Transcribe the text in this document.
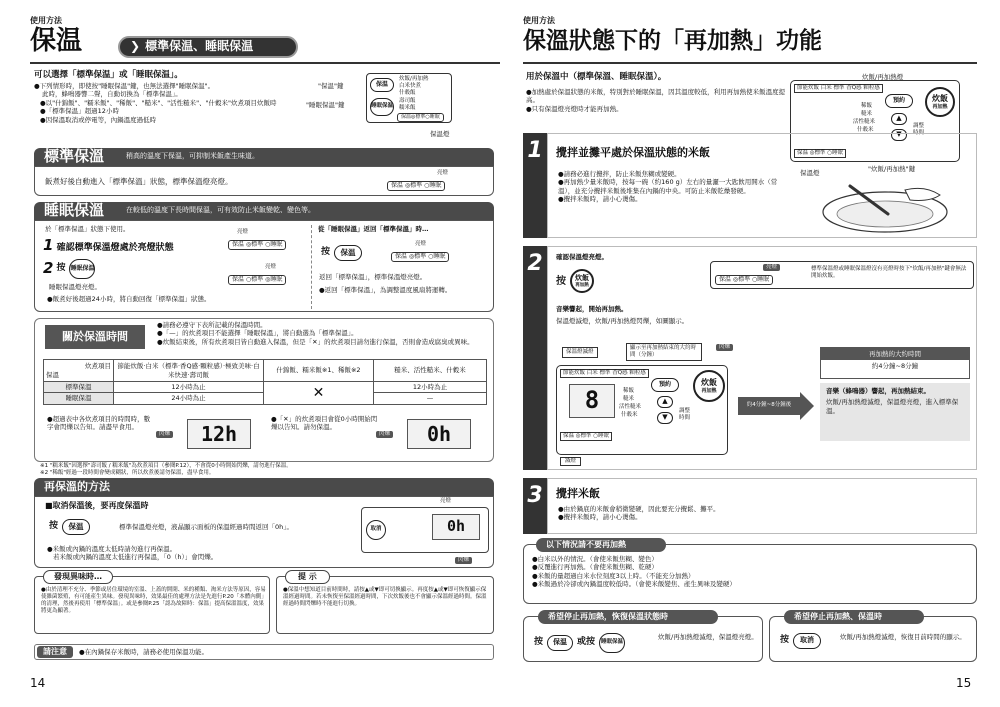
使用方法
保温	❯ 標準保温、睡眠保温
可以選擇「標準保温」或「睡眠保温」。
●下列情形時，即使按"睡眠保温"鍵，也無法選擇"睡眠保温"。
此時，蜂鳴器響二聲，自動切換為「標準保温」。
●以"什錦飯"、"糯米飯"、"稀飯"、"糙米"、"活性糙米"、"什穀米"炊煮項目炊飯時
●「標準保温」超過12小時
●因保溫取消或停電等，內鍋溫度過低時
"保温"鍵
"睡眠保温"鍵
保温
睡眠保温
炊飯/再加熱
白米快煮
什穀飯
壽司飯
糯米飯
保温◎標準○睡眠
保温燈
標準保溫	稍高的溫度下保溫，可抑制米飯產生味道。
飯煮好後自動進入「標準保溫」狀態，標準保溫燈亮燈。
亮燈
保温 ◎標準 ○睡眠
睡眠保溫	在較低的溫度下長時間保溫，可有效防止米飯變乾、變色等。
於「標準保溫」狀態下使用。
1 確認標準保溫燈處於亮燈狀態
亮燈
保温 ◎標準 ○睡眠
2 按 睡眠保温	亮燈
保温 ○標準 ◎睡眠
睡眠保溫燈亮燈。
●飯煮好後超過24小時，將自動回復「標準保溫」狀態。
從「睡眠保溫」返回「標準保溫」時…
按	保温
亮燈
保温 ◎標準 ○睡眠
返回「標準保溫」，標準保溫燈亮燈。
●返回「標準保溫」，為調整溫度風扇將運轉。
關於保溫時間
●請務必遵守下表所記載的保溫時間。
●「—」的炊煮項目不能選擇「睡眠保溫」，將自動選為「標準保溫」。
●炊飯結束後，所有炊煮項目皆自動進入保溫，但是「✕」的炊煮項目請勿進行保溫，否則會造成腐臭或異味。
炊煮項目
保溫	節能炊飯‧白米（標準‧香Q感‧顆粒感）‧極致美味‧白米快速‧壽司飯	什錦飯、糯米飯※1、稀飯※2	糙米、活性糙米、什穀米
標準保溫	12小時為止	✕	12小時為止
睡眠保溫	24小時為止		—
●超過表中各炊煮項目的時間時，數字會閃爍以告知。請盡早食用。
閃爍	12h
●「✕」的炊煮項目會從0小時開始閃爍以告知。請勿保溫。
閃爍	0h
※1 "糯米飯"因選擇"壽司飯 / 糯米飯"為炊煮項目（參閱P.12），不會從0小時開始閃爍，請勿進行保溫。
※2 "稀飯"經過一段時間會變成糊狀，所以炊煮後請勿保溫，盡早食用。
再保溫的方法
■取消保溫後，要再度保溫時
按	保温	標準保溫燈亮燈，液晶顯示面板的保溫經過時間返回「0h」。
●米飯或內鍋的溫度太低時請勿進行再保溫。
若米飯或內鍋的溫度太低進行再保溫，「0（h）」會閃爍。
亮燈
取消	0h
閃爍
發現異味時…
●由於清理不充分、季節或居住環境的室溫、上蓋的開閉、米的種類、淘米方法等原因，容易使雜菌繁殖，有可能產生異味。發現異味時，效果最佳的處理方法是先進行P.20「本體內側」的清理，然後再使用「標準保溫」。或是參閱P.25「認為故障時：保溫」提高保溫溫度，效果將更為顯著。
提 示
●保溫中想知道目前時間時，請按▲或▼即可切換顯示。再度按▲或▼即可恢復顯示保溫經過時間。若未恢復至保溫經過時間，下次炊飯後也不會顯示保溫經過時間。保溫經過時間閃爍時不能進行切換。
請注意	●在內鍋保存米飯時，請務必使用保溫功能。
14
使用方法
保溫狀態下的「再加熱」功能
用於保溫中（標準保溫、睡眠保溫）。
●加熱處於保溫狀態的米飯，特別對於睡眠保溫，因其溫度較低，利用再加熱使米飯溫度提高。
●只有保溫燈亮燈時才能再加熱。
炊飯/再加熱燈
節能炊飯 白米 標準 香Q感 顆粒感
稀飯
糙米
活性糙米
什穀米
預約
▲
▼
調整時間
炊飯
再加熱
保温 ◎標準 ○睡眠
保溫燈	"炊飯/再加熱"鍵
1	攪拌並攤平處於保溫狀態的米飯
●請務必進行攪拌，防止米飯焦糊或變硬。
●再加熱少量米飯時，按每一碗（約160 g）左右的量灑一大匙飲用開水（常溫），並充分攪拌米飯後堆集在內鍋的中央。可防止米飯乾燥發硬。
●攪拌米飯時，請小心燙傷。
2	確認保溫燈亮燈。
按 炊飯
再加熱
亮燈
保温 ◎標準 ○睡眠
標準保溫燈或睡眠保溫燈沒有亮燈時按下"炊飯/再加熱"鍵會無法開始炊飯。
音樂響起，開始再加熱。
保溫燈滅燈，炊飯/再加熱燈閃爍，如圖顯示。
保溫燈滅燈
顯示至再加熱結束的大約時間（分鐘）
閃爍
節能炊飯 白米 標準 香Q感 顆粒感
8	稀飯
糙米
活性糙米
什穀米
預約
▲
▼
調整時間
炊飯
再加熱
保温 ◎標準 ○睡眠
滅燈
約4分鐘~8分鐘後
再加熱的大約時間
約4分鐘~8分鐘
音樂（蜂鳴器）響起，再加熱結束。
炊飯/再加熱燈滅燈，保溫燈亮燈，進入標準保溫。
3	攪拌米飯
●由於鍋底的米飯會稍微變硬，因此要充分攪鬆、攤平。
●攪拌米飯時，請小心燙傷。
以下情況請不要再加熱
●白米以外的情況。（會使米飯焦糊、變色）
●反覆進行再加熱。（會使米飯焦糊、乾硬）
●米飯的量超過白米水位刻度3以上時。（不能充分加熱）
●米飯過於冷卻或內鍋溫度較低時。（會使米飯變焦、產生異味及變硬）
希望停止再加熱，恢復保溫狀態時
按	保温	或按	睡眠保温
炊飯/再加熱燈滅燈，保溫燈亮燈。
希望停止再加熱、保溫時
按	取消	炊飯/再加熱燈滅燈，恢復目前時間的顯示。
15
